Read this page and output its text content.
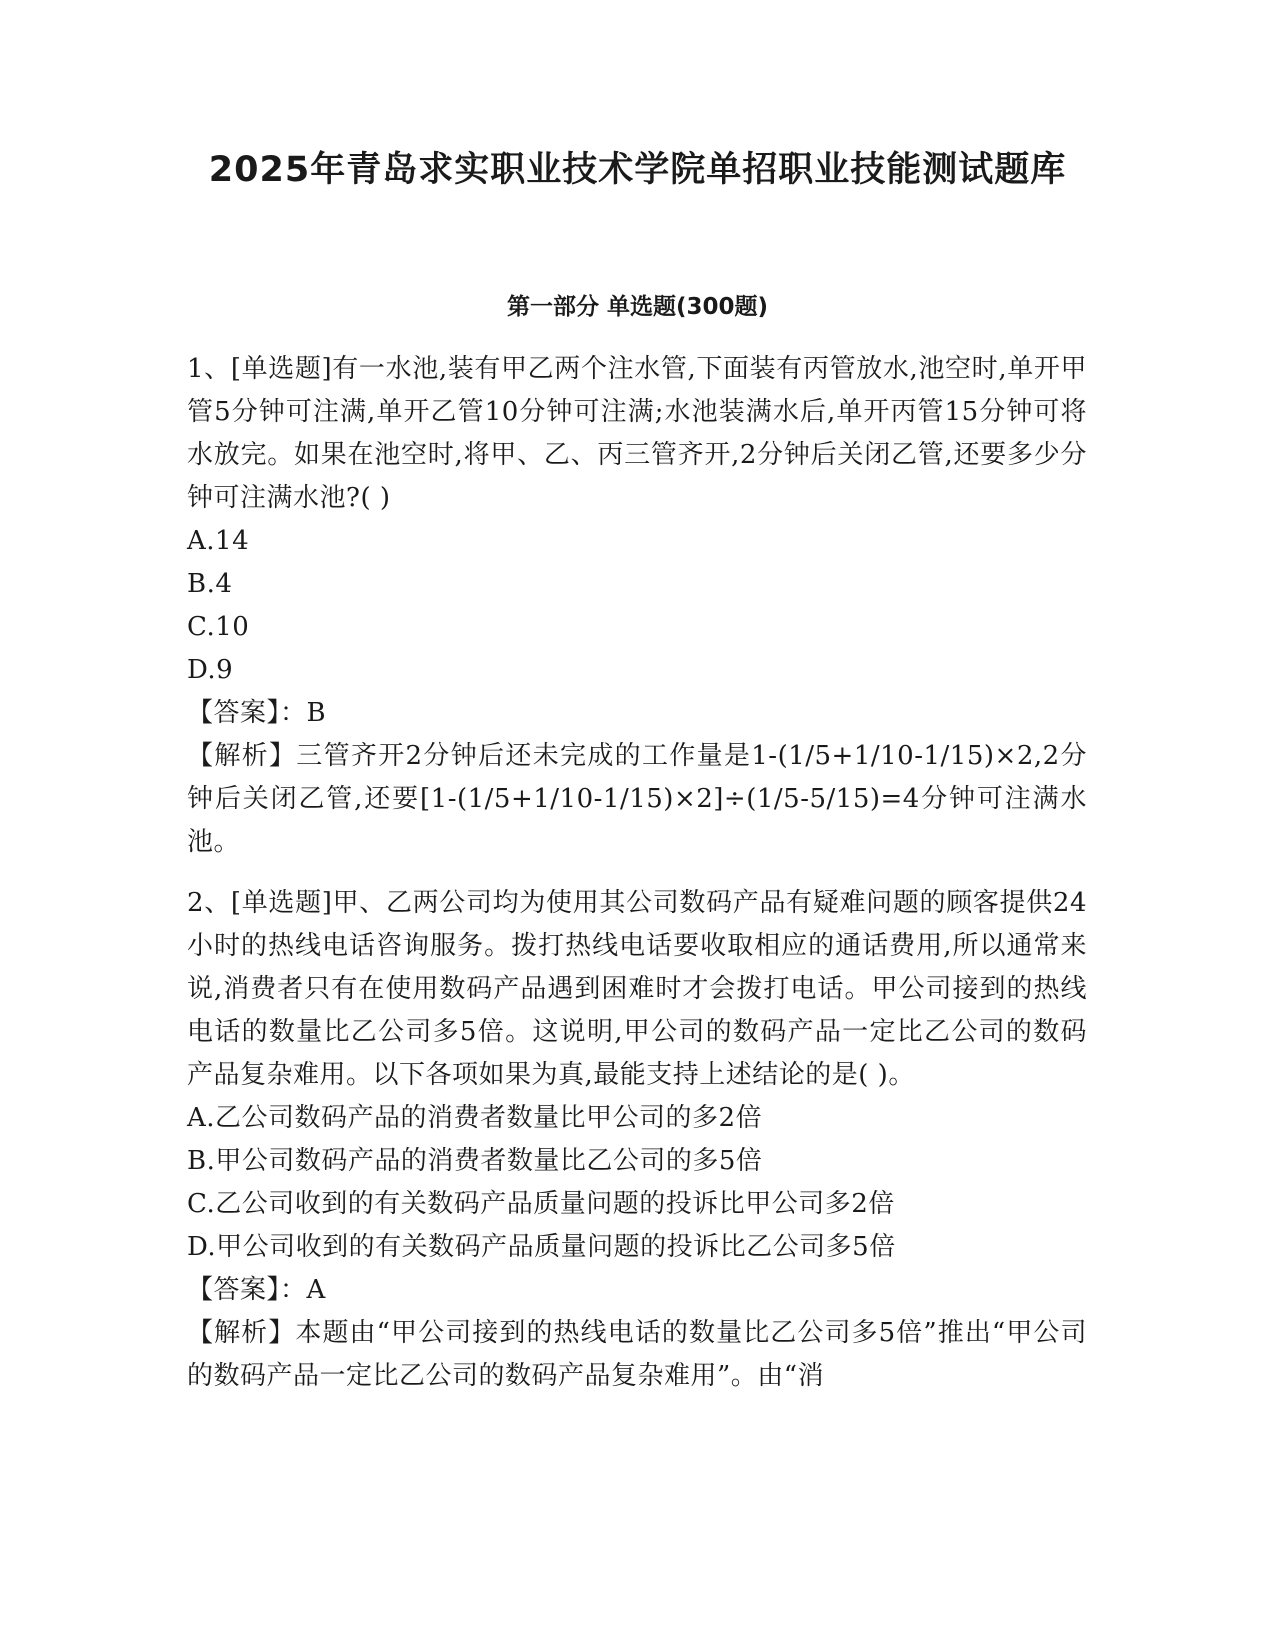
2025年青岛求实职业技术学院单招职业技能测试题库
第一部分 单选题(300题)

1、[单选题]有一水池,装有甲乙两个注水管,下面装有丙管放水,池空时,单开甲管5分钟可注满,单开乙管10分钟可注满;水池装满水后,单开丙管15分钟可将水放完。如果在池空时,将甲、乙、丙三管齐开,2分钟后关闭乙管,还要多少分钟可注满水池?( )

A.14

B.4

C.10

D.9

【答案】：B

【解析】三管齐开2分钟后还未完成的工作量是1-(1/5+1/10-1/15)×2,2分钟后关闭乙管,还要[1-(1/5+1/10-1/15)×2]÷(1/5-5/15)=4分钟可注满水池。

2、[单选题]甲、乙两公司均为使用其公司数码产品有疑难问题的顾客提供24小时的热线电话咨询服务。拨打热线电话要收取相应的通话费用,所以通常来说,消费者只有在使用数码产品遇到困难时才会拨打电话。甲公司接到的热线电话的数量比乙公司多5倍。这说明,甲公司的数码产品一定比乙公司的数码产品复杂难用。以下各项如果为真,最能支持上述结论的是( )。

A.乙公司数码产品的消费者数量比甲公司的多2倍

B.甲公司数码产品的消费者数量比乙公司的多5倍

C.乙公司收到的有关数码产品质量问题的投诉比甲公司多2倍

D.甲公司收到的有关数码产品质量问题的投诉比乙公司多5倍

【答案】：A

【解析】本题由“甲公司接到的热线电话的数量比乙公司多5倍”推出“甲公司的数码产品一定比乙公司的数码产品复杂难用”。由“消
